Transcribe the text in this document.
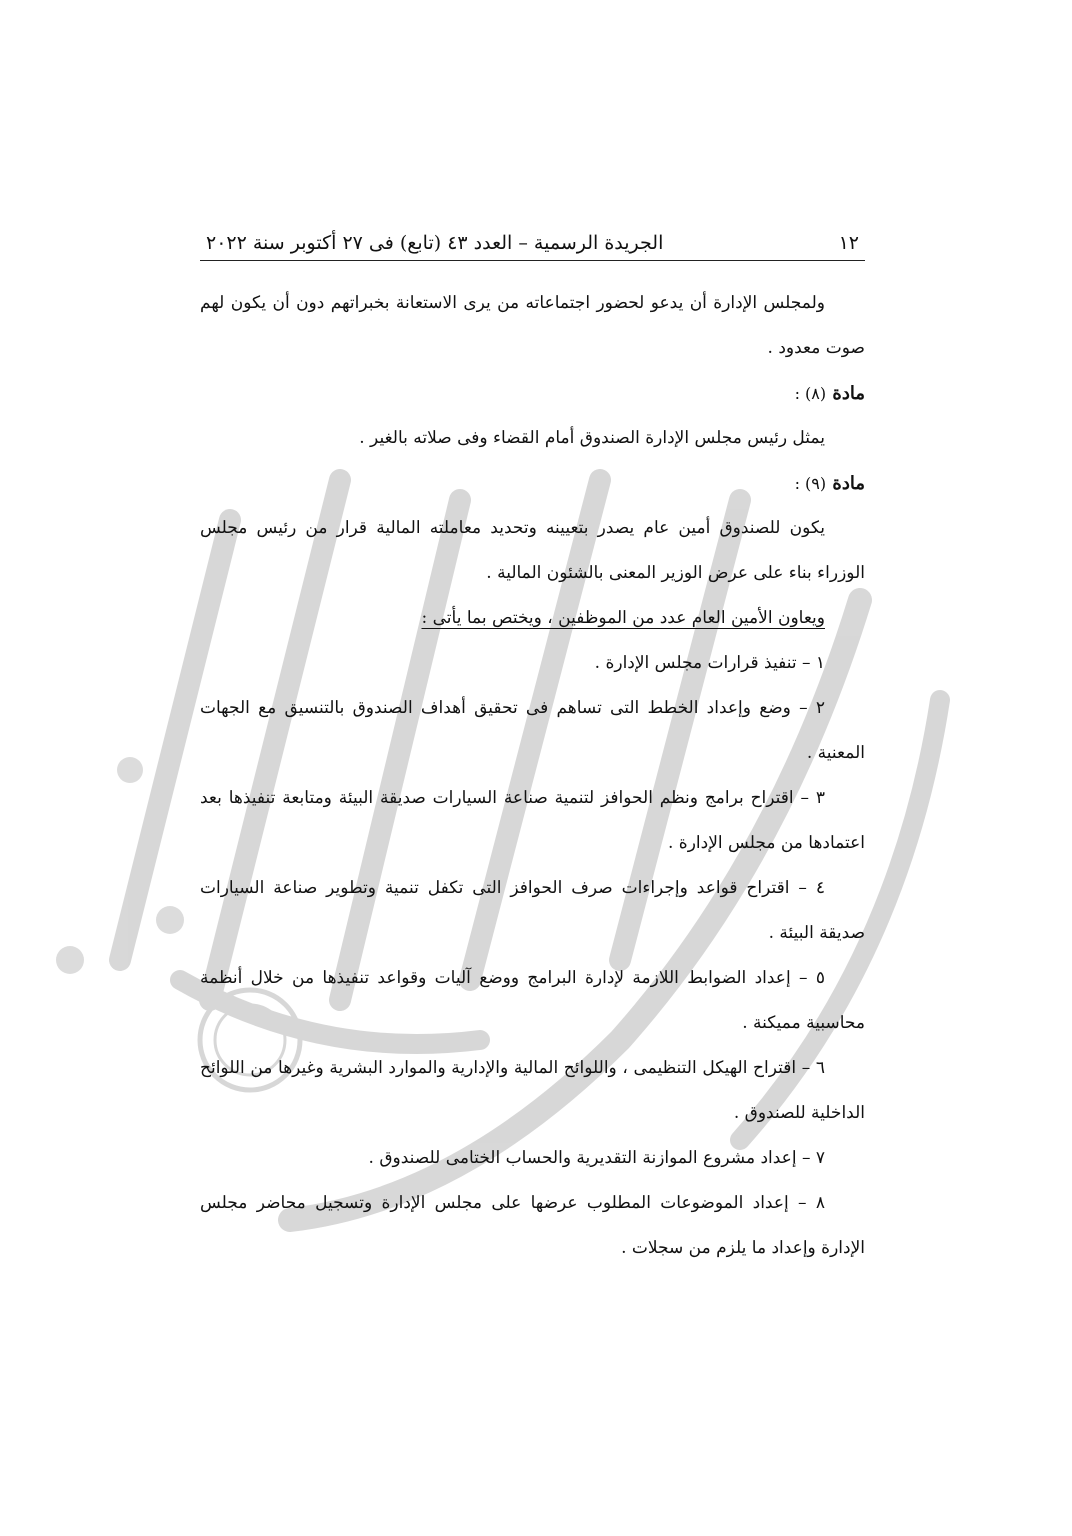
١٢
الجريدة الرسمية – العدد ٤٣ (تابع) فى ٢٧ أكتوبر سنة ٢٠٢٢

ولمجلس الإدارة أن يدعو لحضور اجتماعاته من يرى الاستعانة بخبراتهم دون أن يكون لهم صوت معدود .

مادة (٨) :

يمثل رئيس مجلس الإدارة الصندوق أمام القضاء وفى صلاته بالغير .

مادة (٩) :

يكون للصندوق أمين عام يصدر بتعيينه وتحديد معاملته المالية قرار من رئيس مجلس الوزراء بناء على عرض الوزير المعنى بالشئون المالية .

ويعاون الأمين العام عدد من الموظفين ، ويختص بما يأتى :

١ – تنفيذ قرارات مجلس الإدارة .

٢ – وضع وإعداد الخطط التى تساهم فى تحقيق أهداف الصندوق بالتنسيق مع الجهات المعنية .

٣ – اقتراح برامج ونظم الحوافز لتنمية صناعة السيارات صديقة البيئة ومتابعة تنفيذها بعد اعتمادها من مجلس الإدارة .

٤ – اقتراح قواعد وإجراءات صرف الحوافز التى تكفل تنمية وتطوير صناعة السيارات صديقة البيئة .

٥ – إعداد الضوابط اللازمة لإدارة البرامج ووضع آليات وقواعد تنفيذها من خلال أنظمة محاسبية مميكنة .

٦ – اقتراح الهيكل التنظيمى ، واللوائح المالية والإدارية والموارد البشرية وغيرها من اللوائح الداخلية للصندوق .

٧ – إعداد مشروع الموازنة التقديرية والحساب الختامى للصندوق .

٨ – إعداد الموضوعات المطلوب عرضها على مجلس الإدارة وتسجيل محاضر مجلس الإدارة وإعداد ما يلزم من سجلات .
